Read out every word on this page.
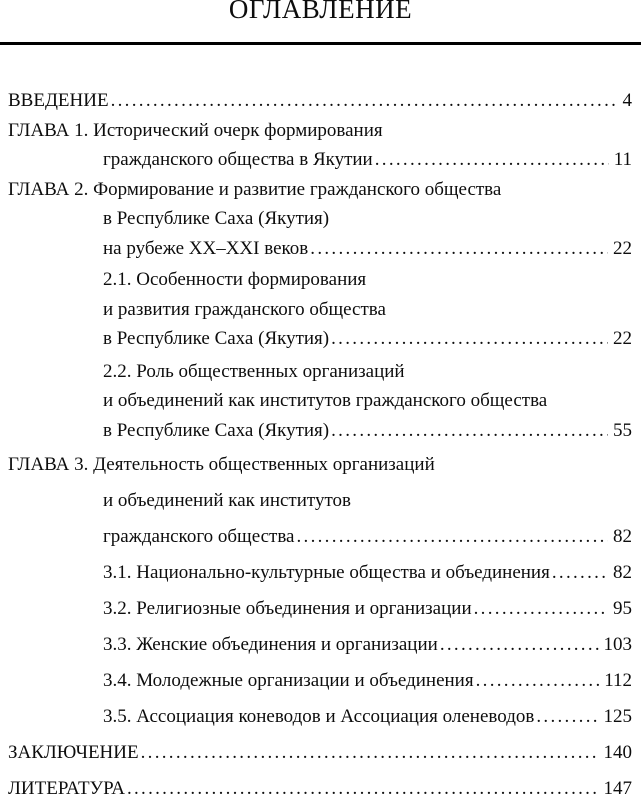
ОГЛАВЛЕНИЕ
ВВЕДЕНИЕ .....	4
ГЛАВА 1. Исторический очерк формирования
гражданского общества в Якутии .....	11
ГЛАВА 2. Формирование и развитие гражданского общества
в Республике Саха (Якутия)
на рубеже XX–XXI веков .....	22
2.1. Особенности формирования
и развития гражданского общества
в Республике Саха (Якутия) .....	22
2.2. Роль общественных организаций
и объединений как институтов гражданского общества
в Республике Саха (Якутия) .....	55
ГЛАВА 3. Деятельность общественных организаций
и объединений как институтов
гражданского общества .....	82
3.1. Национально-культурные общества и объединения .....	82
3.2. Религиозные объединения и организации .....	95
3.3. Женские объединения и организации .....	103
3.4. Молодежные организации и объединения .....	112
3.5. Ассоциация коневодов и Ассоциация оленеводов .....	125
ЗАКЛЮЧЕНИЕ .....	140
ЛИТЕРАТУРА .....	147
